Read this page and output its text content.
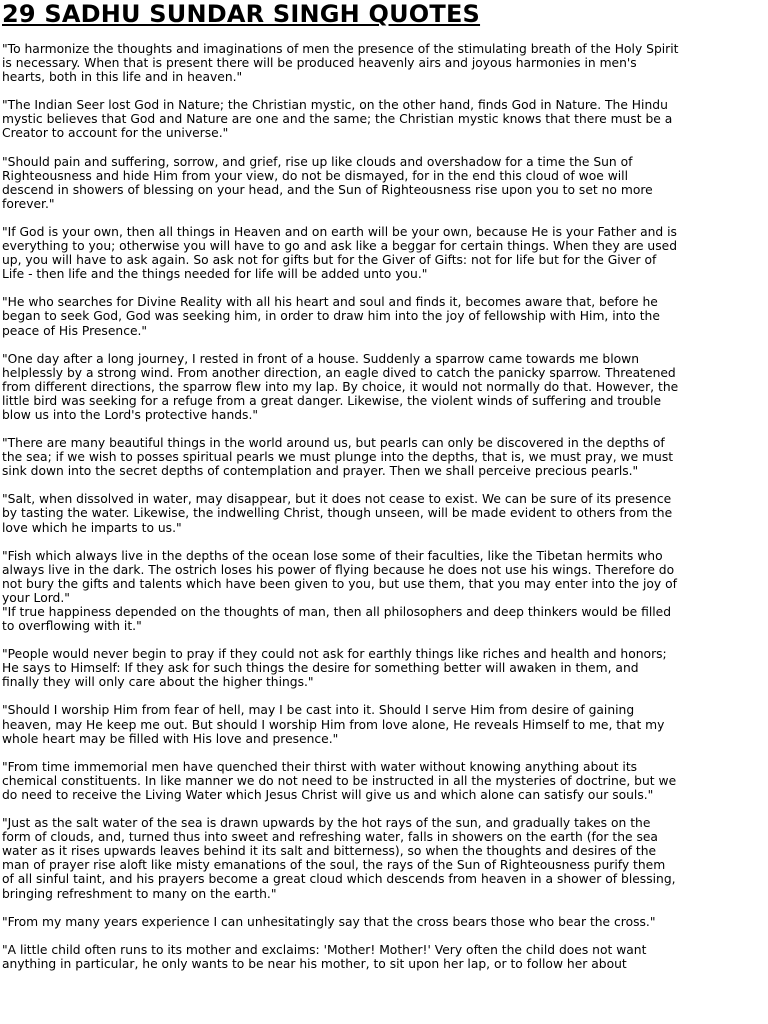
29 SADHU SUNDAR SINGH QUOTES

"To harmonize the thoughts and imaginations of men the presence of the stimulating breath of the Holy Spirit is necessary. When that is present there will be produced heavenly airs and joyous harmonies in men's hearts, both in this life and in heaven."

"The Indian Seer lost God in Nature; the Christian mystic, on the other hand, finds God in Nature. The Hindu mystic believes that God and Nature are one and the same; the Christian mystic knows that there must be a Creator to account for the universe."

"Should pain and suffering, sorrow, and grief, rise up like clouds and overshadow for a time the Sun of Righteousness and hide Him from your view, do not be dismayed, for in the end this cloud of woe will descend in showers of blessing on your head, and the Sun of Righteousness rise upon you to set no more forever."

"If God is your own, then all things in Heaven and on earth will be your own, because He is your Father and is everything to you; otherwise you will have to go and ask like a beggar for certain things. When they are used up, you will have to ask again. So ask not for gifts but for the Giver of Gifts: not for life but for the Giver of Life - then life and the things needed for life will be added unto you."

"He who searches for Divine Reality with all his heart and soul and finds it, becomes aware that, before he began to seek God, God was seeking him, in order to draw him into the joy of fellowship with Him, into the peace of His Presence."

"One day after a long journey, I rested in front of a house. Suddenly a sparrow came towards me blown helplessly by a strong wind. From another direction, an eagle dived to catch the panicky sparrow. Threatened from different directions, the sparrow flew into my lap. By choice, it would not normally do that. However, the little bird was seeking for a refuge from a great danger. Likewise, the violent winds of suffering and trouble blow us into the Lord's protective hands."

"There are many beautiful things in the world around us, but pearls can only be discovered in the depths of the sea; if we wish to posses spiritual pearls we must plunge into the depths, that is, we must pray, we must sink down into the secret depths of contemplation and prayer. Then we shall perceive precious pearls."

"Salt, when dissolved in water, may disappear, but it does not cease to exist. We can be sure of its presence by tasting the water. Likewise, the indwelling Christ, though unseen, will be made evident to others from the love which he imparts to us."

"Fish which always live in the depths of the ocean lose some of their faculties, like the Tibetan hermits who always live in the dark. The ostrich loses his power of flying because he does not use his wings. Therefore do not bury the gifts and talents which have been given to you, but use them, that you may enter into the joy of your Lord."

"If true happiness depended on the thoughts of man, then all philosophers and deep thinkers would be filled to overflowing with it."

"People would never begin to pray if they could not ask for earthly things like riches and health and honors; He says to Himself: If they ask for such things the desire for something better will awaken in them, and finally they will only care about the higher things."

"Should I worship Him from fear of hell, may I be cast into it. Should I serve Him from desire of gaining heaven, may He keep me out. But should I worship Him from love alone, He reveals Himself to me, that my whole heart may be filled with His love and presence."

"From time immemorial men have quenched their thirst with water without knowing anything about its chemical constituents. In like manner we do not need to be instructed in all the mysteries of doctrine, but we do need to receive the Living Water which Jesus Christ will give us and which alone can satisfy our souls."

"Just as the salt water of the sea is drawn upwards by the hot rays of the sun, and gradually takes on the form of clouds, and, turned thus into sweet and refreshing water, falls in showers on the earth (for the sea water as it rises upwards leaves behind it its salt and bitterness), so when the thoughts and desires of the man of prayer rise aloft like misty emanations of the soul, the rays of the Sun of Righteousness purify them of all sinful taint, and his prayers become a great cloud which descends from heaven in a shower of blessing, bringing refreshment to many on the earth."

"From my many years experience I can unhesitatingly say that the cross bears those who bear the cross."

"A little child often runs to its mother and exclaims: 'Mother! Mother!' Very often the child does not want anything in particular, he only wants to be near his mother, to sit upon her lap, or to follow her about
